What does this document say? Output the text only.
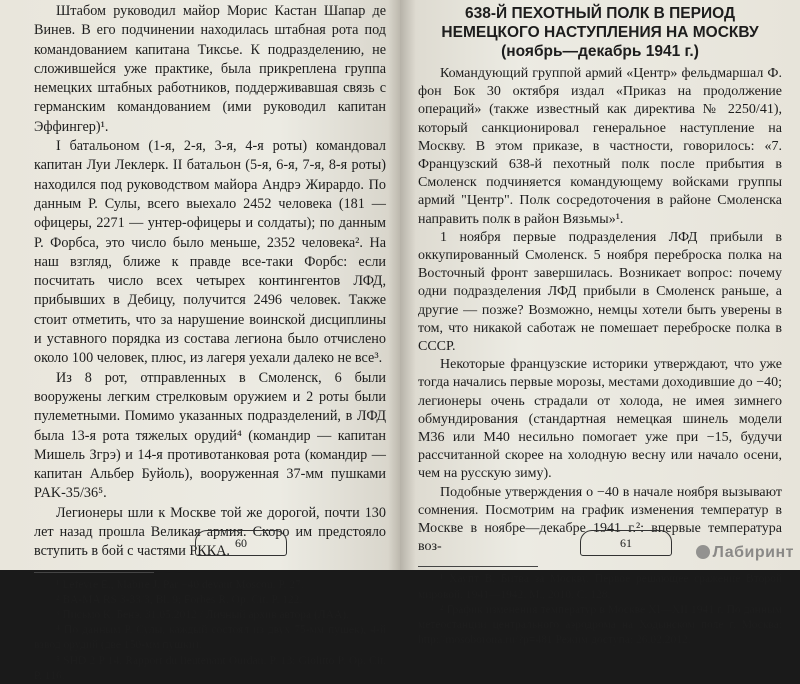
Штабом руководил майор Морис Кастан Шапар де Винев. В его подчинении находилась штабная рота под командованием капитана Тиксье. К подразделению, не сложившейся уже практике, была прикреплена группа немецких штабных работников, поддерживавшая связь с германским командованием (ими руководил капитан Эффингер)¹.

I батальоном (1-я, 2-я, 3-я, 4-я роты) командовал капитан Луи Леклерк. II батальон (5-я, 6-я, 7-я, 8-я роты) находился под руководством майора Андрэ Жирардо. По данным Р. Сулы, всего выехало 2452 человека (181 — офицеры, 2271 — унтер-офицеры и солдаты); по данным Р. Форбса, это число было меньше, 2352 человека². На наш взгляд, ближе к правде все-таки Форбс: если посчитать число всех четырех контингентов ЛФД, прибывших в Дебицу, получится 2496 человек. Также стоит отметить, что за нарушение воинской дисциплины и уставного порядка из состава легиона было отчислено около 100 человек, плюс, из лагеря уехали далеко не все³.

Из 8 рот, отправленных в Смоленск, 6 были вооружены легким стрелковым оружием и 2 роты были пулеметными. Помимо указанных подразделений, в ЛФД была 13-я рота тяжелых орудий⁴ (командир — капитан Мишель Згрэ) и 14-я противотанковая рота (командир — капитан Альбер Буйоль), вооруженная 37-мм пушками PAK-35/36⁵.

Легионеры шли к Москве той же дорогой, почти 130 лет назад прошла Великая армия. Скоро им предстояло вступить в бой с частями РККА.

¹ Lefevre E., Mabire J. Par −40 devant Moscou. P. 27.
² BA-MA RS 3-33/3, Bl. 9; Forbes R. Op. Cit. P. 122.
³ Письмо К. Бенэ. 31.05.2012 / Личный архив автора (ЛАА).
⁴ По данным Р. Сулы, каждый состоял из двух 75-мм пушек), 4-й взвод орудий (две 150-мм пушки).
⁵ SHD 2 P 14. Rapport du lieutenant Ourdan. P. 13; Giolitto P. Op. Cit. P. 116.
60
638-Й ПЕХОТНЫЙ ПОЛК В ПЕРИОД
НЕМЕЦКОГО НАСТУПЛЕНИЯ НА МОСКВУ
(ноябрь—декабрь 1941 г.)

Командующий группой армий «Центр» фельдмаршал Ф. фон Бок 30 октября издал «Приказ на продолжение операций» (также известный как директива № 2250/41), который санкционировал генеральное наступление на Москву. В этом приказе, в частности, говорилось: «7. Французский 638-й пехотный полк после прибытия в Смоленск подчиняется командующему войсками группы армий "Центр". Полк сосредоточения в районе Смоленска направить полк в район Вязьмы»¹.

1 ноября первые подразделения ЛФД прибыли в оккупированный Смоленск. 5 ноября переброска полка на Восточный фронт завершилась. Возникает вопрос: почему одни подразделения ЛФД прибыли в Смоленск раньше, а другие — позже? Возможно, немцы хотели быть уверены в том, что никакой саботаж не помешает переброске полка в СССР.

Некоторые французские историки утверждают, что уже тогда начались первые морозы, местами доходившие до −40; легионеры очень страдали от холода, не имея зимнего обмундирования (стандартная немецкая шинель модели М36 или М40 несильно помогает уже при −15, будучи рассчитанной скорее на холодную весну или начало осени, чем на русскую зиму).

Подобные утверждения о −40 в начале ноября вызывают сомнения. Посмотрим на график изменения температур в Москве в ноябре—декабре 1941 г.²: впервые температура воз-

¹ Хаупт В. Битва за Москву. Первое решающее сражение Второй мировой. 1941—1942. М., 2010. С. 128.
² График изменения температур в Москве XI—XII 1941 г. По данным метеостанции центрального аэродрома на Ходынском поле г. Москва: http://mosoborona.ru/?p=481 Режим доступа: 26.02.2012.
61
Лабиринт
